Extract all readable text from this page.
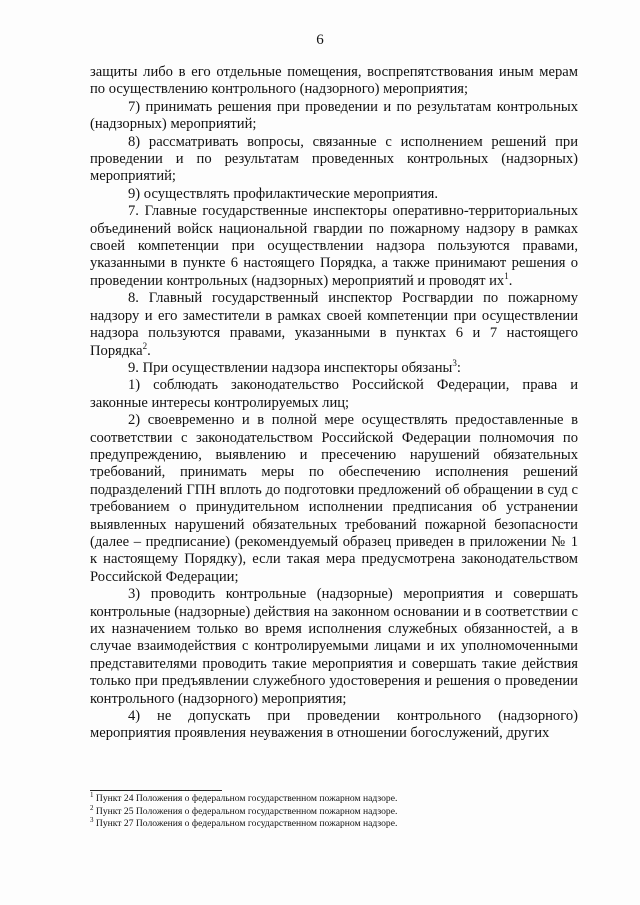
6

защиты либо в его отдельные помещения, воспрепятствования иным мерам по осуществлению контрольного (надзорного) мероприятия;

7) принимать решения при проведении и по результатам контрольных (надзорных) мероприятий;

8) рассматривать вопросы, связанные с исполнением решений при проведении и по результатам проведенных контрольных (надзорных) мероприятий;

9) осуществлять профилактические мероприятия.

7. Главные государственные инспекторы оперативно-территориальных объединений войск национальной гвардии по пожарному надзору в рамках своей компетенции при осуществлении надзора пользуются правами, указанными в пункте 6 настоящего Порядка, а также принимают решения о проведении контрольных (надзорных) мероприятий и проводят $их^1$.

8. Главный государственный инспектор Росгвардии по пожарному надзору и его заместители в рамках своей компетенции при осуществлении надзора пользуются правами, указанными в пунктах 6 и 7 настоящего Порядка$^2$.

9. При осуществлении надзора инспекторы обязаны$^3$:

1) соблюдать законодательство Российской Федерации, права и законные интересы контролируемых лиц;

2) своевременно и в полной мере осуществлять предоставленные в соответствии с законодательством Российской Федерации полномочия по предупреждению, выявлению и пресечению нарушений обязательных требований, принимать меры по обеспечению исполнения решений подразделений ГПН вплоть до подготовки предложений об обращении в суд с требованием о принудительном исполнении предписания об устранении выявленных нарушений обязательных требований пожарной безопасности (далее – предписание) (рекомендуемый образец приведен в приложении № 1 к настоящему Порядку), если такая мера предусмотрена законодательством Российской Федерации;

3) проводить контрольные (надзорные) мероприятия и совершать контрольные (надзорные) действия на законном основании и в соответствии с их назначением только во время исполнения служебных обязанностей, а в случае взаимодействия с контролируемыми лицами и их уполномоченными представителями проводить такие мероприятия и совершать такие действия только при предъявлении служебного удостоверения и решения о проведении контрольного (надзорного) мероприятия;

4) не допускать при проведении контрольного (надзорного) мероприятия проявления неуважения в отношении богослужений, других

$^1$ Пункт 24 Положения о федеральном государственном пожарном надзоре.

$^2$ Пункт 25 Положения о федеральном государственном пожарном надзоре.

$^3$ Пункт 27 Положения о федеральном государственном пожарном надзоре.
